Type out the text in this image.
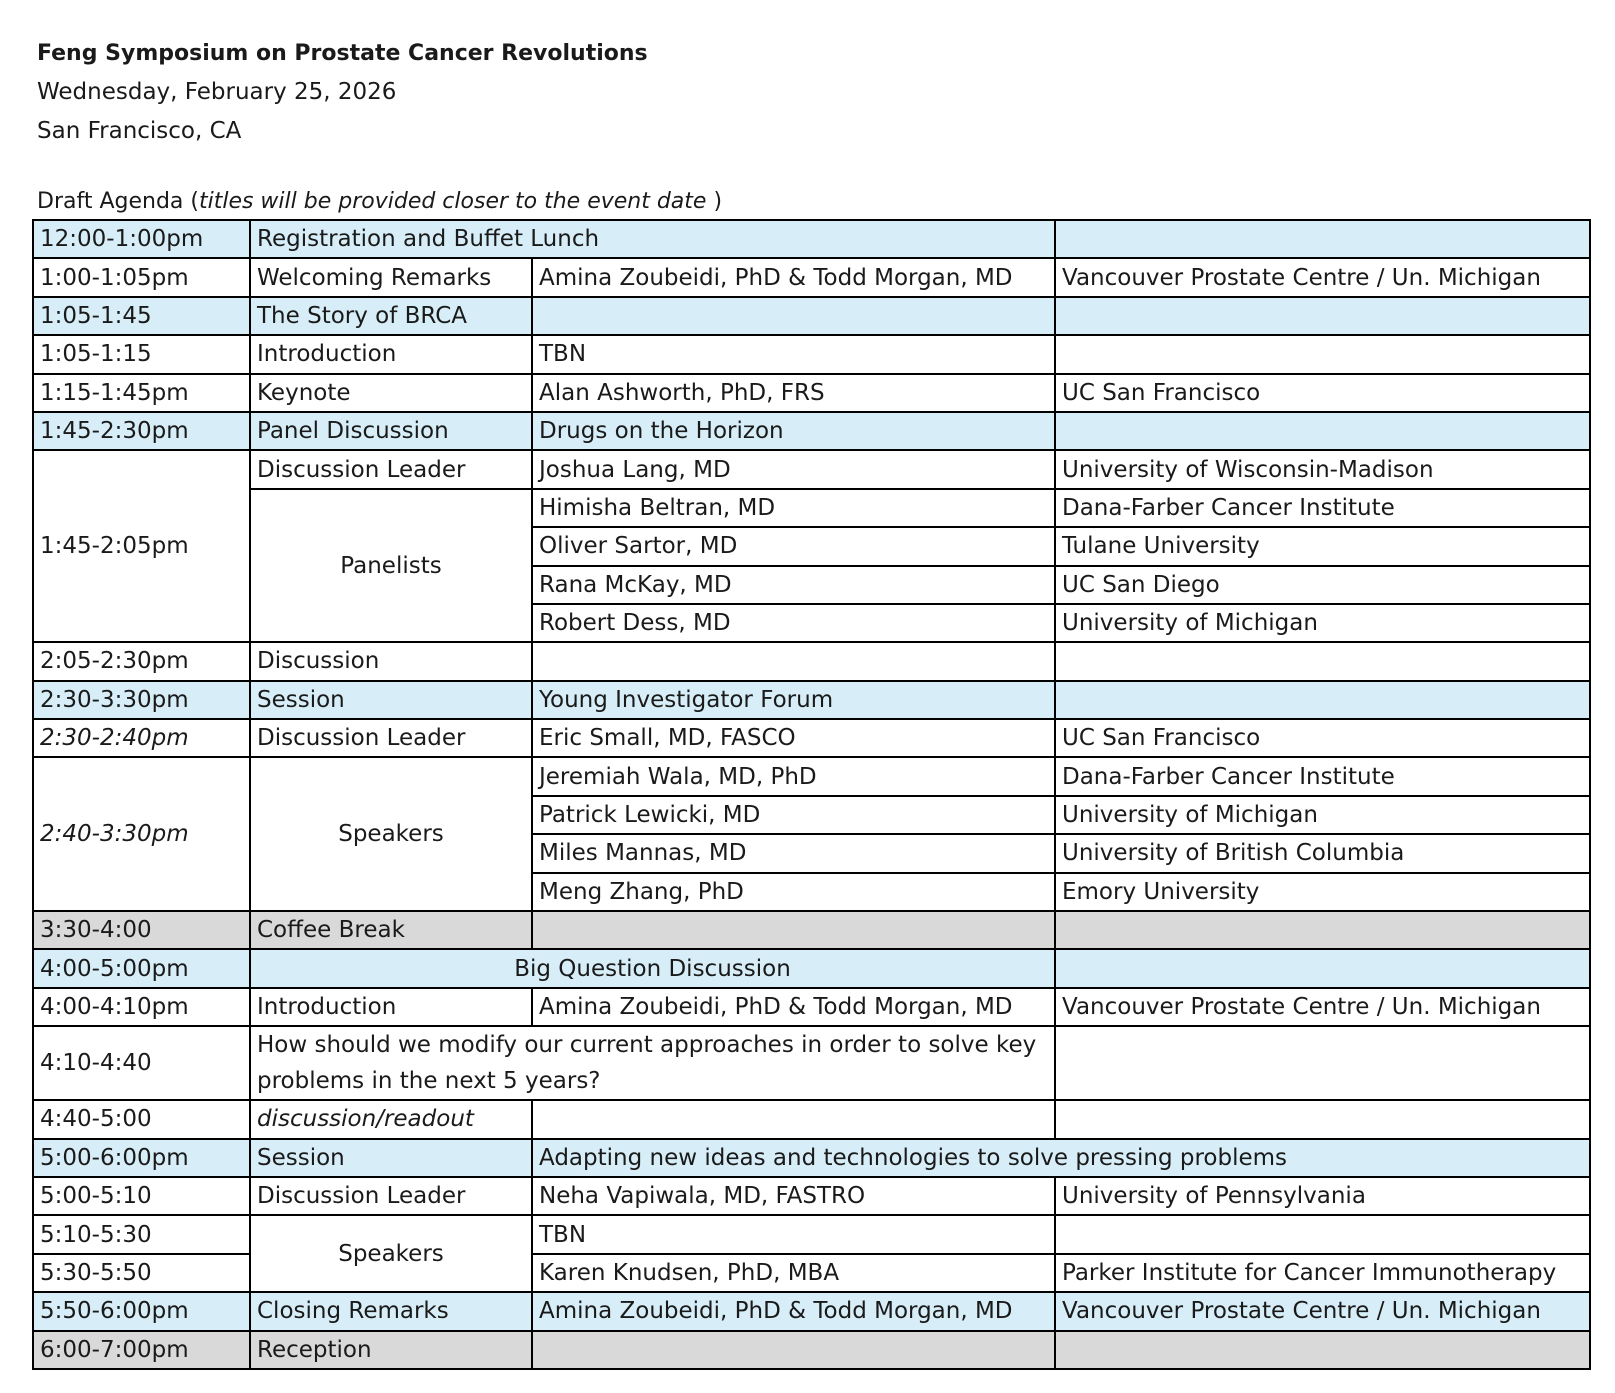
Feng Symposium on Prostate Cancer Revolutions
Wednesday, February 25, 2026
San Francisco, CA
Draft Agenda (titles will be provided closer to the event date )
12:00-1:00pm	Registration and Buffet Lunch		
1:00-1:05pm	Welcoming Remarks	Amina Zoubeidi, PhD & Todd Morgan, MD	Vancouver Prostate Centre / Un. Michigan
1:05-1:45	The Story of BRCA		
1:05-1:15	Introduction	TBN	
1:15-1:45pm	Keynote	Alan Ashworth, PhD, FRS	UC San Francisco
1:45-2:30pm	Panel Discussion	Drugs on the Horizon	
1:45-2:05pm	Discussion Leader	Joshua Lang, MD	University of Wisconsin-Madison
	Panelists	Himisha Beltran, MD	Dana-Farber Cancer Institute
		Oliver Sartor, MD	Tulane University
		Rana McKay, MD	UC San Diego
		Robert Dess, MD	University of Michigan
2:05-2:30pm	Discussion		
2:30-3:30pm	Session	Young Investigator Forum	
2:30-2:40pm	Discussion Leader	Eric Small, MD, FASCO	UC San Francisco
2:40-3:30pm	Speakers	Jeremiah Wala, MD, PhD	Dana-Farber Cancer Institute
		Patrick Lewicki, MD	University of Michigan
		Miles Mannas, MD	University of British Columbia
		Meng Zhang, PhD	Emory University
3:30-4:00	Coffee Break		
4:00-5:00pm	Big Question Discussion		
4:00-4:10pm	Introduction	Amina Zoubeidi, PhD & Todd Morgan, MD	Vancouver Prostate Centre / Un. Michigan
4:10-4:40	How should we modify our current approaches in order to solve key problems in the next 5 years?		
4:40-5:00	discussion/readout		
5:00-6:00pm	Session	Adapting new ideas and technologies to solve pressing problems	
5:00-5:10	Discussion Leader	Neha Vapiwala, MD, FASTRO	University of Pennsylvania
5:10-5:30	Speakers	TBN	
5:30-5:50		Karen Knudsen, PhD, MBA	Parker Institute for Cancer Immunotherapy
5:50-6:00pm	Closing Remarks	Amina Zoubeidi, PhD & Todd Morgan, MD	Vancouver Prostate Centre / Un. Michigan
6:00-7:00pm	Reception		
